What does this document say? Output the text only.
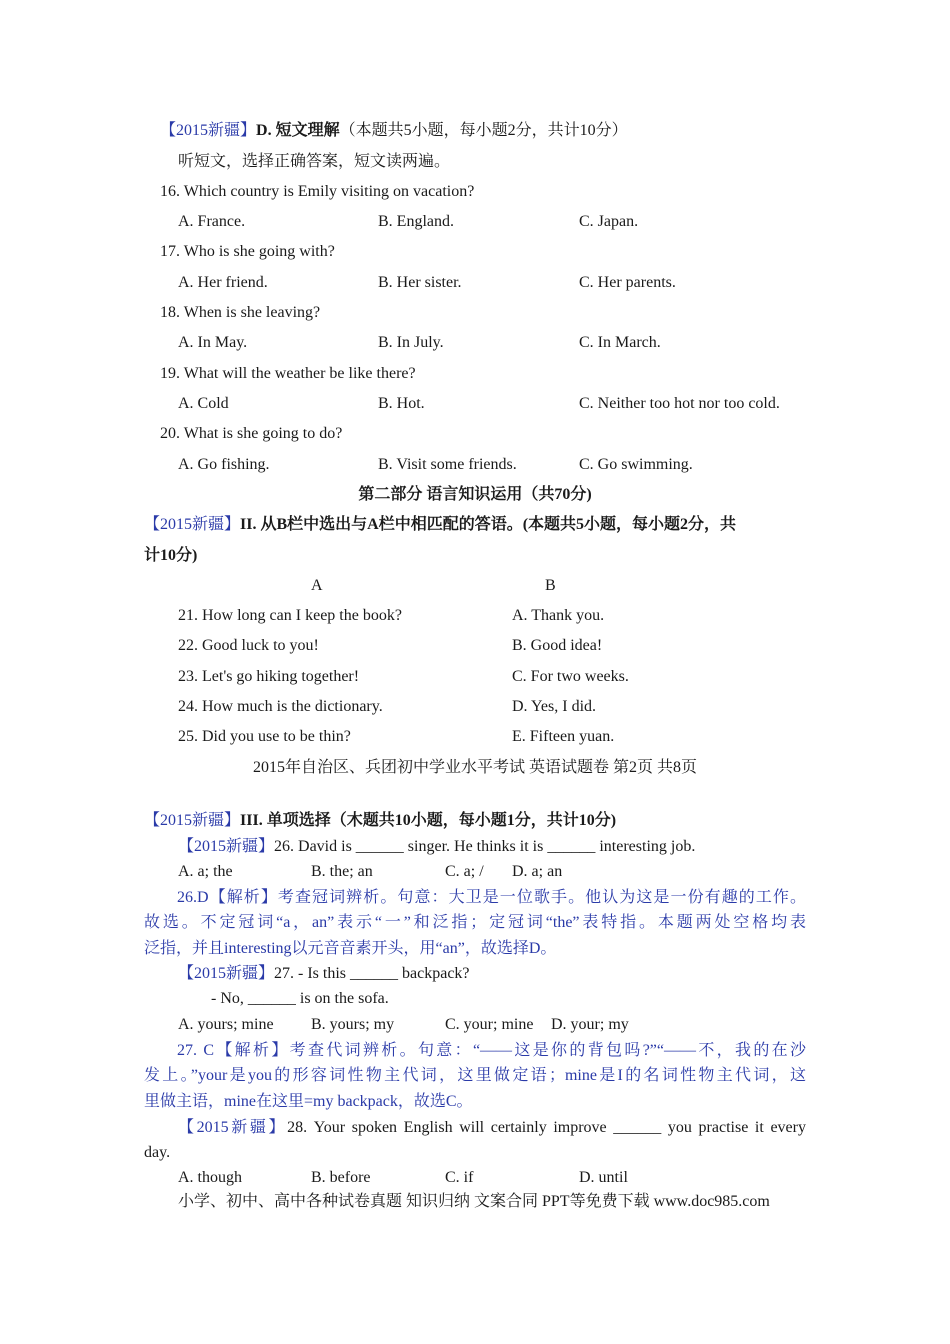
【2015新疆】D. 短文理解（本题共5小题，每小题2分，共计10分）
听短文，选择正确答案，短文读两遍。
16. Which country is Emily visiting on vacation?
A. France.	B. England.	C. Japan.
17. Who is she going with?
A. Her friend.	B. Her sister.	C. Her parents.
18. When is she leaving?
A. In May.	B. In July.	C. In March.
19. What will the weather be like there?
A. Cold	B. Hot.	C. Neither too hot nor too cold.
20. What is she going to do?
A. Go fishing.	B. Visit some friends.	C. Go swimming.
第二部分 语言知识运用（共70分)
【2015新疆】II. 从B栏中选出与A栏中相匹配的答语。(本题共5小题，每小题2分，共
计10分)
A	B
21. How long can I keep the book?	A. Thank you.
22. Good luck to you!	B. Good idea!
23. Let's go hiking together!	C. For two weeks.
24. How much is the dictionary.	D. Yes, I did.
25. Did you use to be thin?	E. Fifteen yuan.
2015年自治区、兵团初中学业水平考试 英语试题卷 第2页 共8页
【2015新疆】III. 单项选择（木题共10小题，每小题1分，共计10分)
【2015新疆】26. David is ______ singer. He thinks it is ______ interesting job.
A. a; the	B. the; an	C. a; / D. a; an
26.D【解析】考查冠词辨析。句意：大卫是一位歌手。他认为这是一份有趣的工作。
故选。不定冠词“a，an”表示“一”和泛指；定冠词“the”表特指。本题两处空格均表
泛指，并且interesting以元音音素开头，用“an”，故选择D。
【2015新疆】27. - Is this ______ backpack?
- No, ______ is on the sofa.
A. yours; mine B. yours; my	C. your; mine D. your; my
27. C【解析】考查代词辨析。句意：“——这是你的背包吗?”“——不，我的在沙
发上。”your是you的形容词性物主代词，这里做定语；mine是I的名词性物主代词，这
里做主语，mine在这里=my backpack，故选C。
【2015新疆】28. Your spoken English will certainly improve ______ you practise it every
day.
A. though	B. before	C. if	D. until
小学、初中、高中各种试卷真题 知识归纳 文案合同 PPT等免费下载 www.doc985.com
